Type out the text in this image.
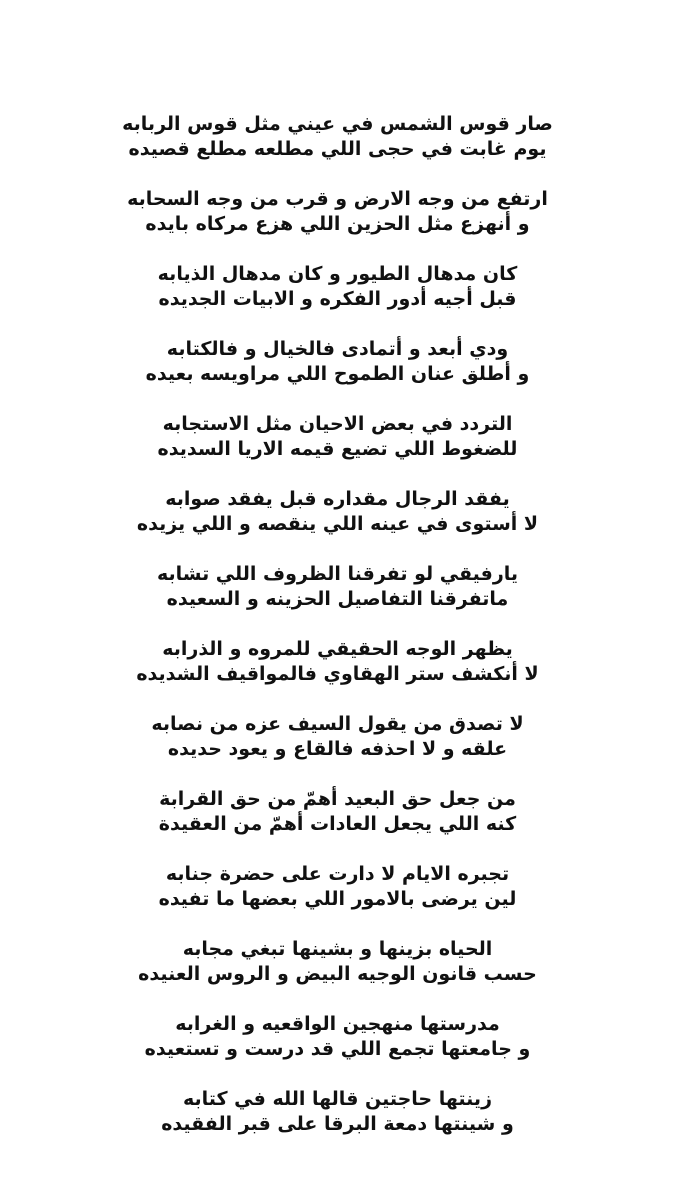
صار قوس الشمس في عيني مثل قوس الربابه
يوم غابت في حجى اللي مطلعه مطلع قصيده
ارتفع من وجه الارض و قرب من وجه السحابه
و أنهزع مثل الحزين اللي هزع مركاه بايده
كان مدهال الطيور و كان مدهال الذيابه
قبل أجيه أدور الفكره و الابيات الجديده
ودي أبعد و أتمادى فالخيال و فالكتابه
و أطلق عنان الطموح اللي مراويسه بعيده
التردد في بعض الاحيان مثل الاستجابه
للضغوط اللي تضيع قيمه الاريا السديده
يفقد الرجال مقداره قبل يفقد صوابه
لا أستوى في عينه اللي ينقصه و اللي يزيده
يارفيقي لو تفرقنا الظروف اللي تشابه
ماتفرقنا التفاصيل الحزينه و السعيده
يظهر الوجه الحقيقي للمروه و الذرابه
لا أنكشف ستر الهقاوي فالمواقيف الشديده
لا تصدق من يقول السيف عزه من نصابه
علقه و لا احذفه فالقاع و يعود حديده
من جعل حق البعيد أهمّ من حق القرابة
كنه اللي يجعل العادات أهمّ من العقيدة
تجبره الايام لا دارت على حضرة جنابه
لين يرضى بالامور اللي بعضها ما تفيده
الحياه بزينها و بشينها تبغي مجابه
حسب قانون الوجيه البيض و الروس العنيده
مدرستها منهجين الواقعيه و الغرابه
و جامعتها تجمع اللي قد درست و تستعيده
زينتها حاجتين قالها الله في كتابه
و شينتها دمعة البرقا على قبر الفقيده
